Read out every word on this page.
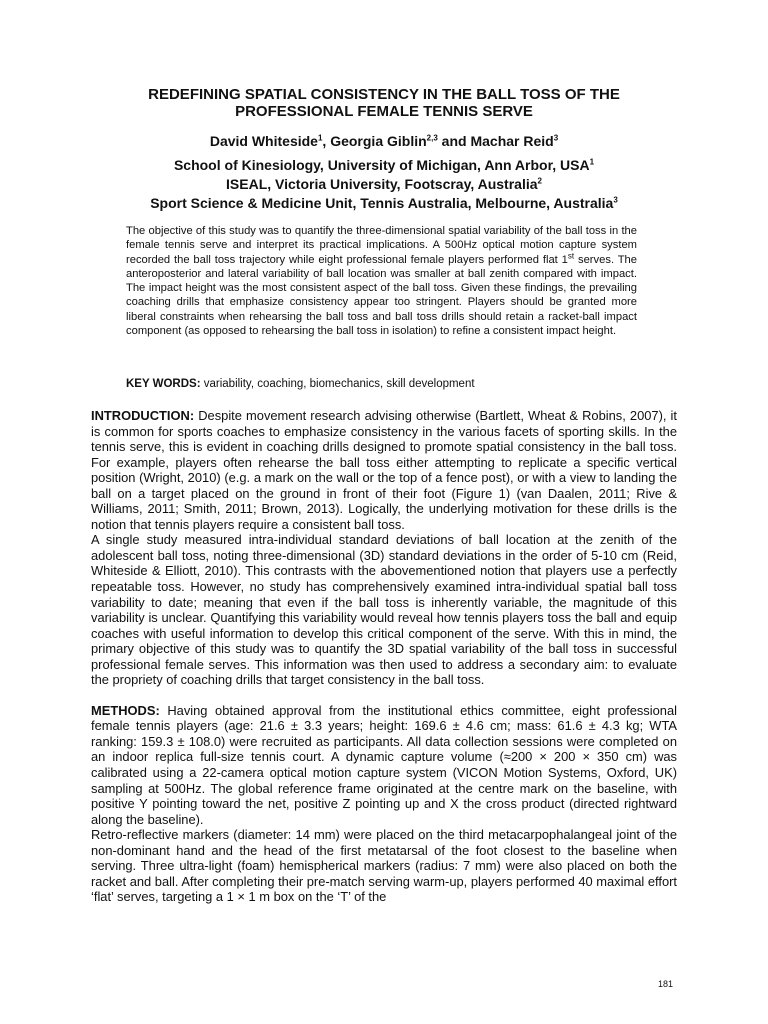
REDEFINING SPATIAL CONSISTENCY IN THE BALL TOSS OF THE
PROFESSIONAL FEMALE TENNIS SERVE
David Whiteside$^1$, Georgia Giblin$^{2,3}$ and Machar Reid$^3$
School of Kinesiology, University of Michigan, Ann Arbor, USA$^1$
ISEAL, Victoria University, Footscray, Australia$^2$
Sport Science & Medicine Unit, Tennis Australia, Melbourne, Australia$^3$
The objective of this study was to quantify the three-dimensional spatial variability of the ball toss in the female tennis serve and interpret its practical implications. A 500Hz optical motion capture system recorded the ball toss trajectory while eight professional female players performed flat 1st serves. The anteroposterior and lateral variability of ball location was smaller at ball zenith compared with impact. The impact height was the most consistent aspect of the ball toss. Given these findings, the prevailing coaching drills that emphasize consistency appear too stringent. Players should be granted more liberal constraints when rehearsing the ball toss and ball toss drills should retain a racket-ball impact component (as opposed to rehearsing the ball toss in isolation) to refine a consistent impact height.
KEY WORDS: variability, coaching, biomechanics, skill development

INTRODUCTION: Despite movement research advising otherwise (Bartlett, Wheat & Robins, 2007), it is common for sports coaches to emphasize consistency in the various facets of sporting skills. In the tennis serve, this is evident in coaching drills designed to promote spatial consistency in the ball toss. For example, players often rehearse the ball toss either attempting to replicate a specific vertical position (Wright, 2010) (e.g. a mark on the wall or the top of a fence post), or with a view to landing the ball on a target placed on the ground in front of their foot (Figure 1) (van Daalen, 2011; Rive & Williams, 2011; Smith, 2011; Brown, 2013). Logically, the underlying motivation for these drills is the notion that tennis players require a consistent ball toss.

A single study measured intra-individual standard deviations of ball location at the zenith of the adolescent ball toss, noting three-dimensional (3D) standard deviations in the order of 5-10 cm (Reid, Whiteside & Elliott, 2010). This contrasts with the abovementioned notion that players use a perfectly repeatable toss. However, no study has comprehensively examined intra-individual spatial ball toss variability to date; meaning that even if the ball toss is inherently variable, the magnitude of this variability is unclear. Quantifying this variability would reveal how tennis players toss the ball and equip coaches with useful information to develop this critical component of the serve. With this in mind, the primary objective of this study was to quantify the 3D spatial variability of the ball toss in successful professional female serves. This information was then used to address a secondary aim: to evaluate the propriety of coaching drills that target consistency in the ball toss.

METHODS: Having obtained approval from the institutional ethics committee, eight professional female tennis players (age: 21.6 ± 3.3 years; height: 169.6 ± 4.6 cm; mass: 61.6 ± 4.3 kg; WTA ranking: 159.3 ± 108.0) were recruited as participants. All data collection sessions were completed on an indoor replica full-size tennis court. A dynamic capture volume (≈200 × 200 × 350 cm) was calibrated using a 22-camera optical motion capture system (VICON Motion Systems, Oxford, UK) sampling at 500Hz. The global reference frame originated at the centre mark on the baseline, with positive Y pointing toward the net, positive Z pointing up and X the cross product (directed rightward along the baseline).

Retro-reflective markers (diameter: 14 mm) were placed on the third metacarpophalangeal joint of the non-dominant hand and the head of the first metatarsal of the foot closest to the baseline when serving. Three ultra-light (foam) hemispherical markers (radius: 7 mm) were also placed on both the racket and ball. After completing their pre-match serving warm-up, players performed 40 maximal effort ‘flat’ serves, targeting a 1 × 1 m box on the ‘T’ of the

181
